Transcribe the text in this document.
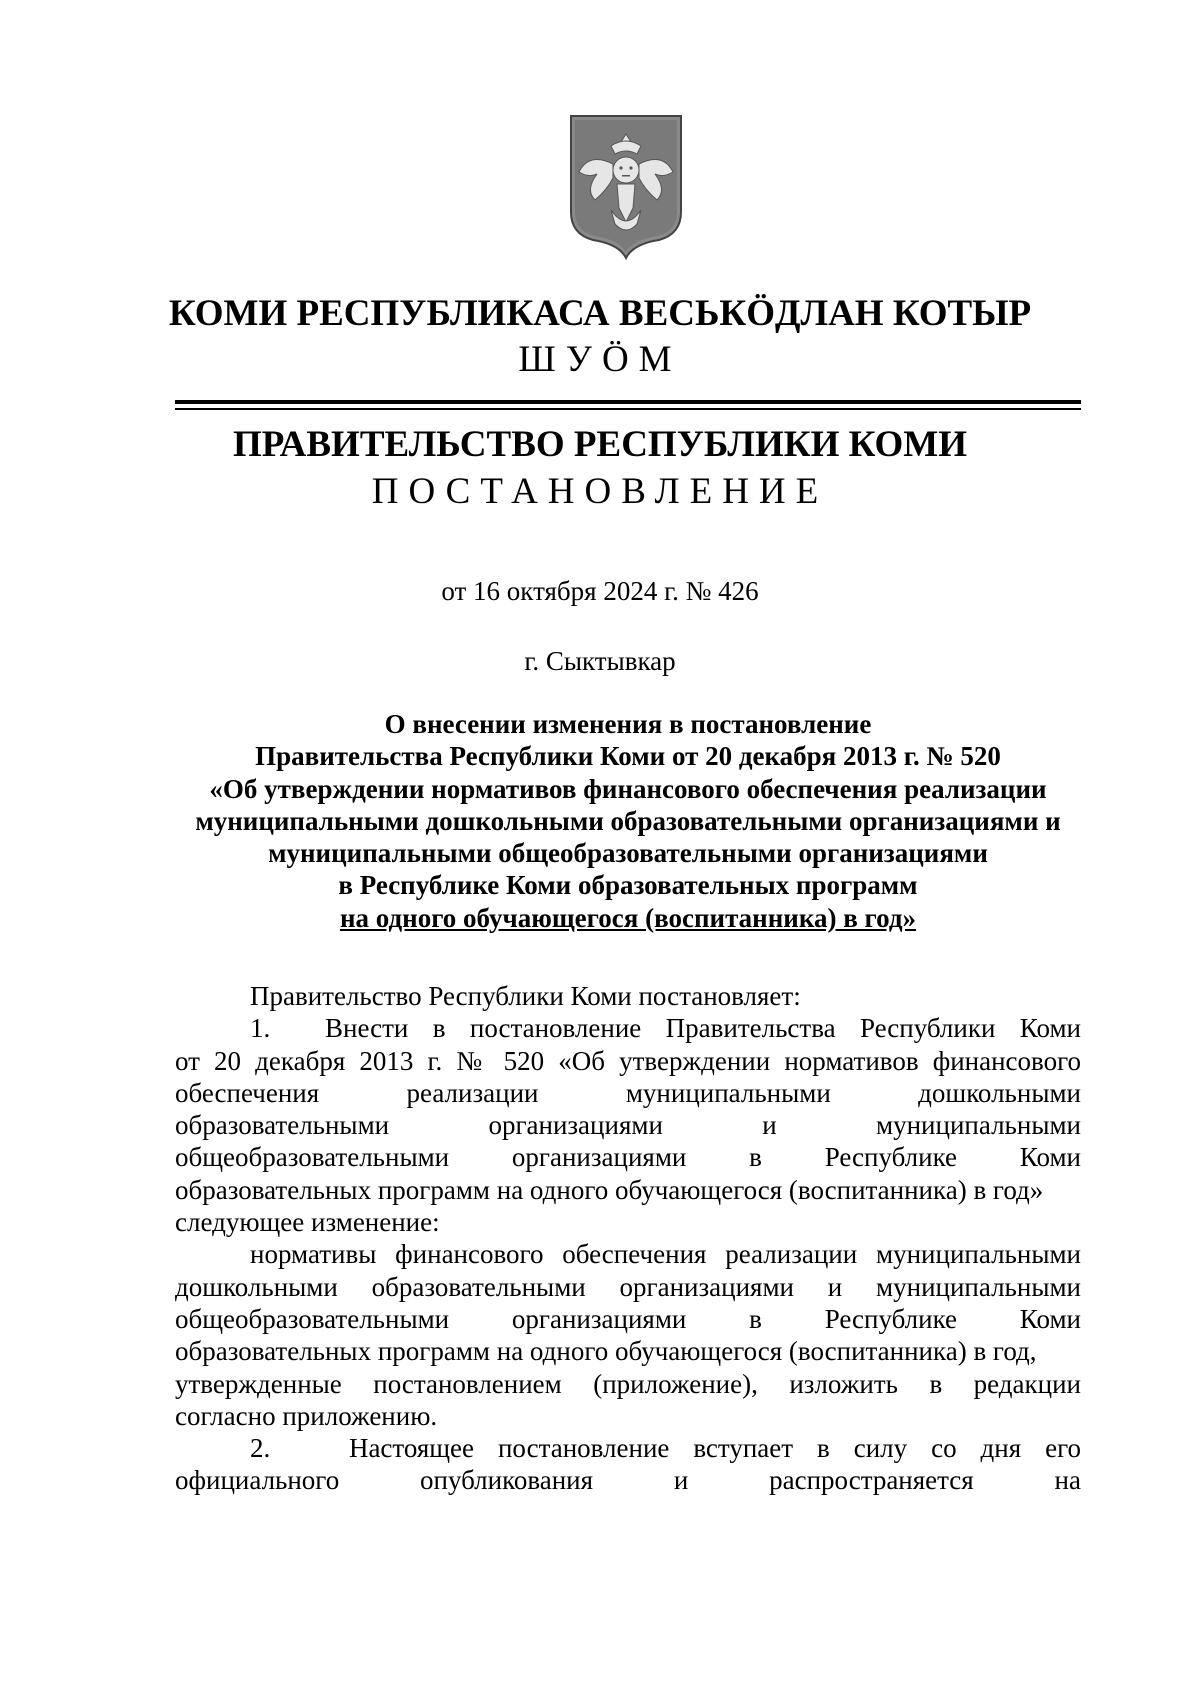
КОМИ РЕСПУБЛИКАСА ВЕСЬКӦДЛАН КОТЫР
ШУӦМ
ПРАВИТЕЛЬСТВО РЕСПУБЛИКИ КОМИ
ПОСТАНОВЛЕНИЕ
от 16 октября 2024 г. № 426
г. Сыктывкар
О внесении изменения в постановление
Правительства Республики Коми от 20 декабря 2013 г. № 520
«Об утверждении нормативов финансового обеспечения реализации
муниципальными дошкольными образовательными организациями и
муниципальными общеобразовательными организациями
в Республике Коми образовательных программ
на одного обучающегося (воспитанника) в год»
Правительство Республики Коми постановляет:
1.	Внести в постановление Правительства Республики Коми
от 20 декабря 2013 г. № 520 «Об утверждении нормативов финансового
обеспечения реализации муниципальными дошкольными
образовательными организациями и муниципальными
общеобразовательными организациями в Республике Коми
образовательных программ на одного обучающегося (воспитанника) в год»
следующее изменение:
нормативы финансового обеспечения реализации муниципальными
дошкольными образовательными организациями и муниципальными
общеобразовательными организациями в Республике Коми
образовательных программ на одного обучающегося (воспитанника) в год,
утвержденные постановлением (приложение), изложить в редакции
согласно приложению.
2.	Настоящее постановление вступает в силу со дня его
официального	опубликования	и	распространяется	на
